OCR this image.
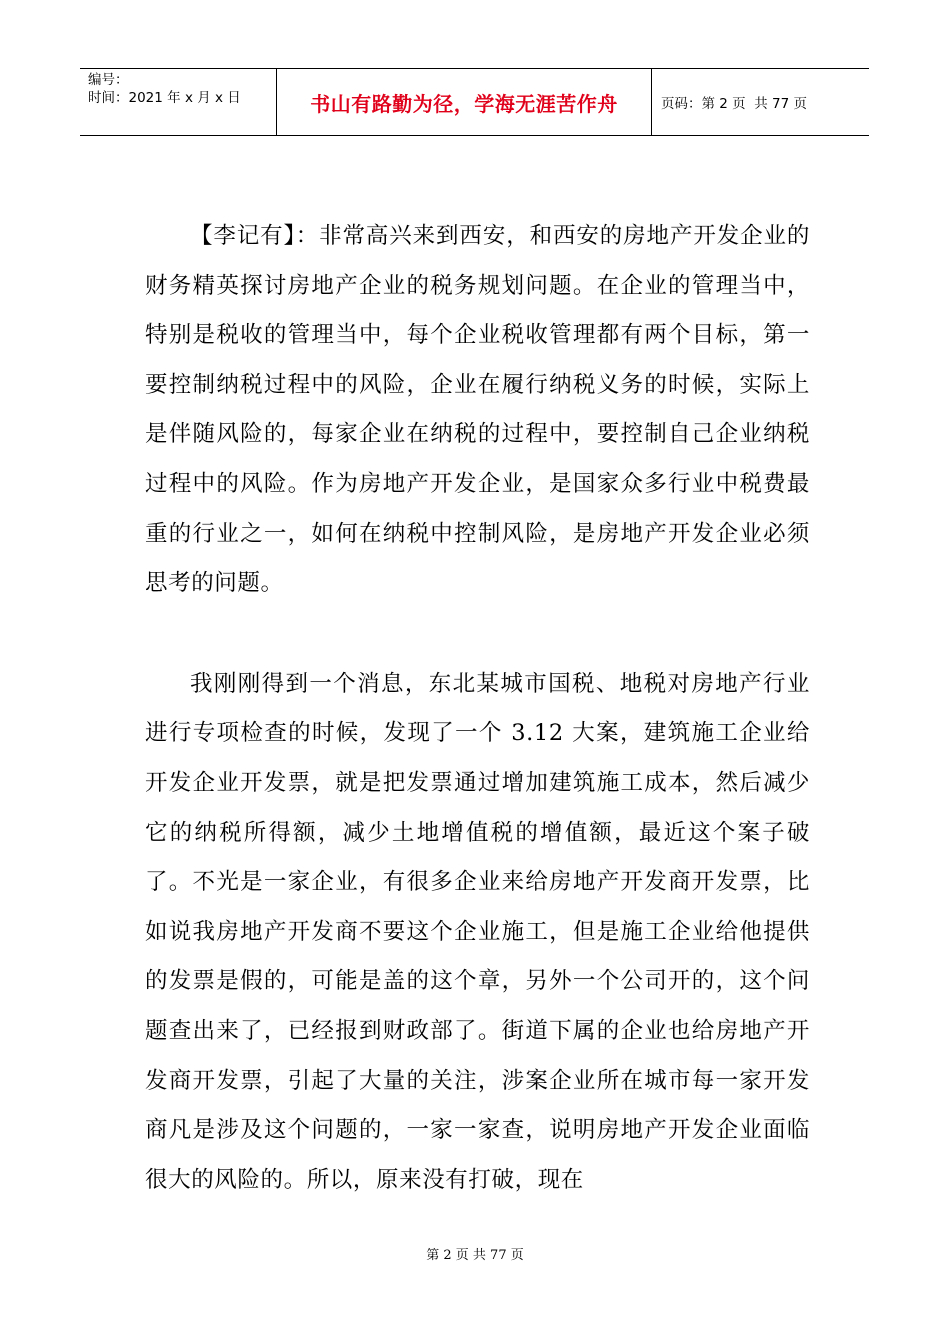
编号：
时间：2021 年 x 月 x 日	书山有路勤为径，学海无涯苦作舟	页码：第 2 页  共 77 页

【李记有】：非常高兴来到西安，和西安的房地产开发企业的财务精英探讨房地产企业的税务规划问题。在企业的管理当中，特别是税收的管理当中，每个企业税收管理都有两个目标，第一要控制纳税过程中的风险，企业在履行纳税义务的时候，实际上是伴随风险的，每家企业在纳税的过程中，要控制自己企业纳税过程中的风险。作为房地产开发企业，是国家众多行业中税费最重的行业之一，如何在纳税中控制风险，是房地产开发企业必须思考的问题。

我刚刚得到一个消息，东北某城市国税、地税对房地产行业进行专项检查的时候，发现了一个 3.12 大案，建筑施工企业给开发企业开发票，就是把发票通过增加建筑施工成本，然后减少它的纳税所得额，减少土地增值税的增值额，最近这个案子破了。不光是一家企业，有很多企业来给房地产开发商开发票，比如说我房地产开发商不要这个企业施工，但是施工企业给他提供的发票是假的，可能是盖的这个章，另外一个公司开的，这个问题查出来了，已经报到财政部了。街道下属的企业也给房地产开发商开发票，引起了大量的关注，涉案企业所在城市每一家开发商凡是涉及这个问题的，一家一家查，说明房地产开发企业面临很大的风险的。所以，原来没有打破，现在

第 2 页 共 77 页
